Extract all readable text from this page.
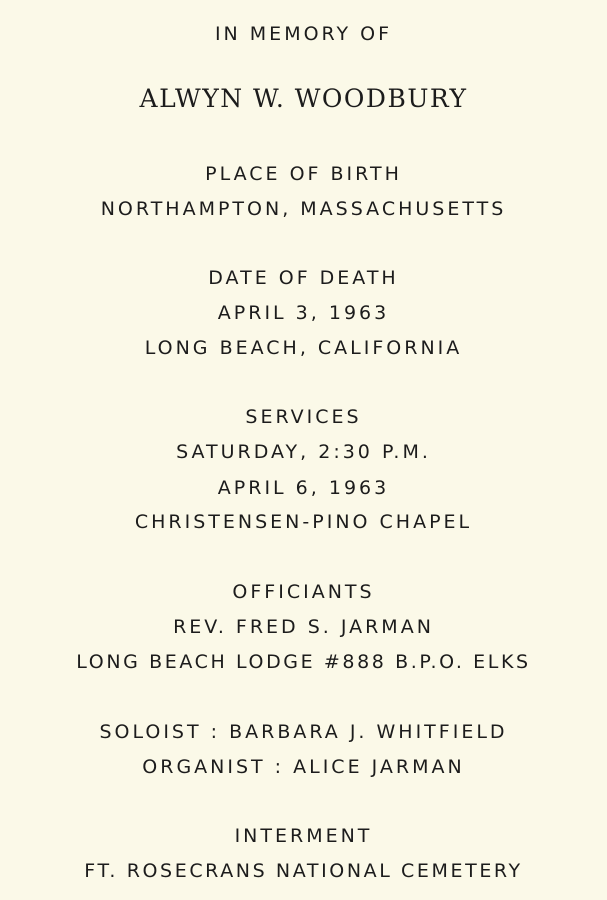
IN MEMORY OF

ALWYN W. WOODBURY

PLACE OF BIRTH

NORTHAMPTON, MASSACHUSETTS

DATE OF DEATH

APRIL 3, 1963

LONG BEACH, CALIFORNIA

SERVICES

SATURDAY, 2:30 P.M.

APRIL 6, 1963

CHRISTENSEN-PINO CHAPEL

OFFICIANTS

REV. FRED S. JARMAN

LONG BEACH LODGE #888 B.P.O. ELKS

SOLOIST : BARBARA J. WHITFIELD

ORGANIST : ALICE JARMAN

INTERMENT

FT. ROSECRANS NATIONAL CEMETERY
